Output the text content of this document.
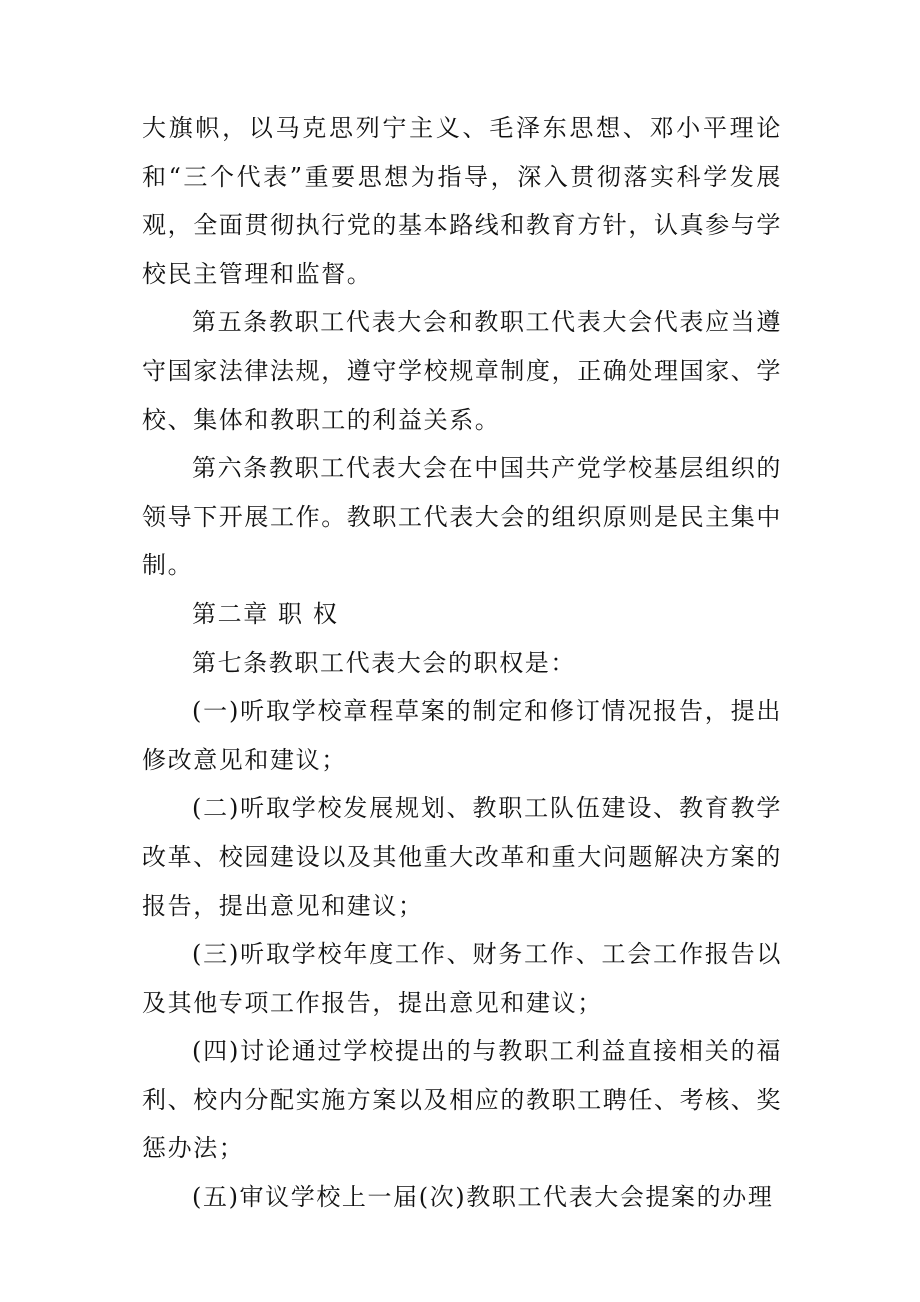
大旗帜，以马克思列宁主义、毛泽东思想、邓小平理论和“三个代表”重要思想为指导，深入贯彻落实科学发展观，全面贯彻执行党的基本路线和教育方针，认真参与学校民主管理和监督。

第五条教职工代表大会和教职工代表大会代表应当遵守国家法律法规，遵守学校规章制度，正确处理国家、学校、集体和教职工的利益关系。

第六条教职工代表大会在中国共产党学校基层组织的领导下开展工作。教职工代表大会的组织原则是民主集中制。

第二章 职 权

第七条教职工代表大会的职权是：

(一)听取学校章程草案的制定和修订情况报告，提出修改意见和建议；

(二)听取学校发展规划、教职工队伍建设、教育教学改革、校园建设以及其他重大改革和重大问题解决方案的报告，提出意见和建议；

(三)听取学校年度工作、财务工作、工会工作报告以及其他专项工作报告，提出意见和建议；

(四)讨论通过学校提出的与教职工利益直接相关的福利、校内分配实施方案以及相应的教职工聘任、考核、奖惩办法；

(五)审议学校上一届(次)教职工代表大会提案的办理
